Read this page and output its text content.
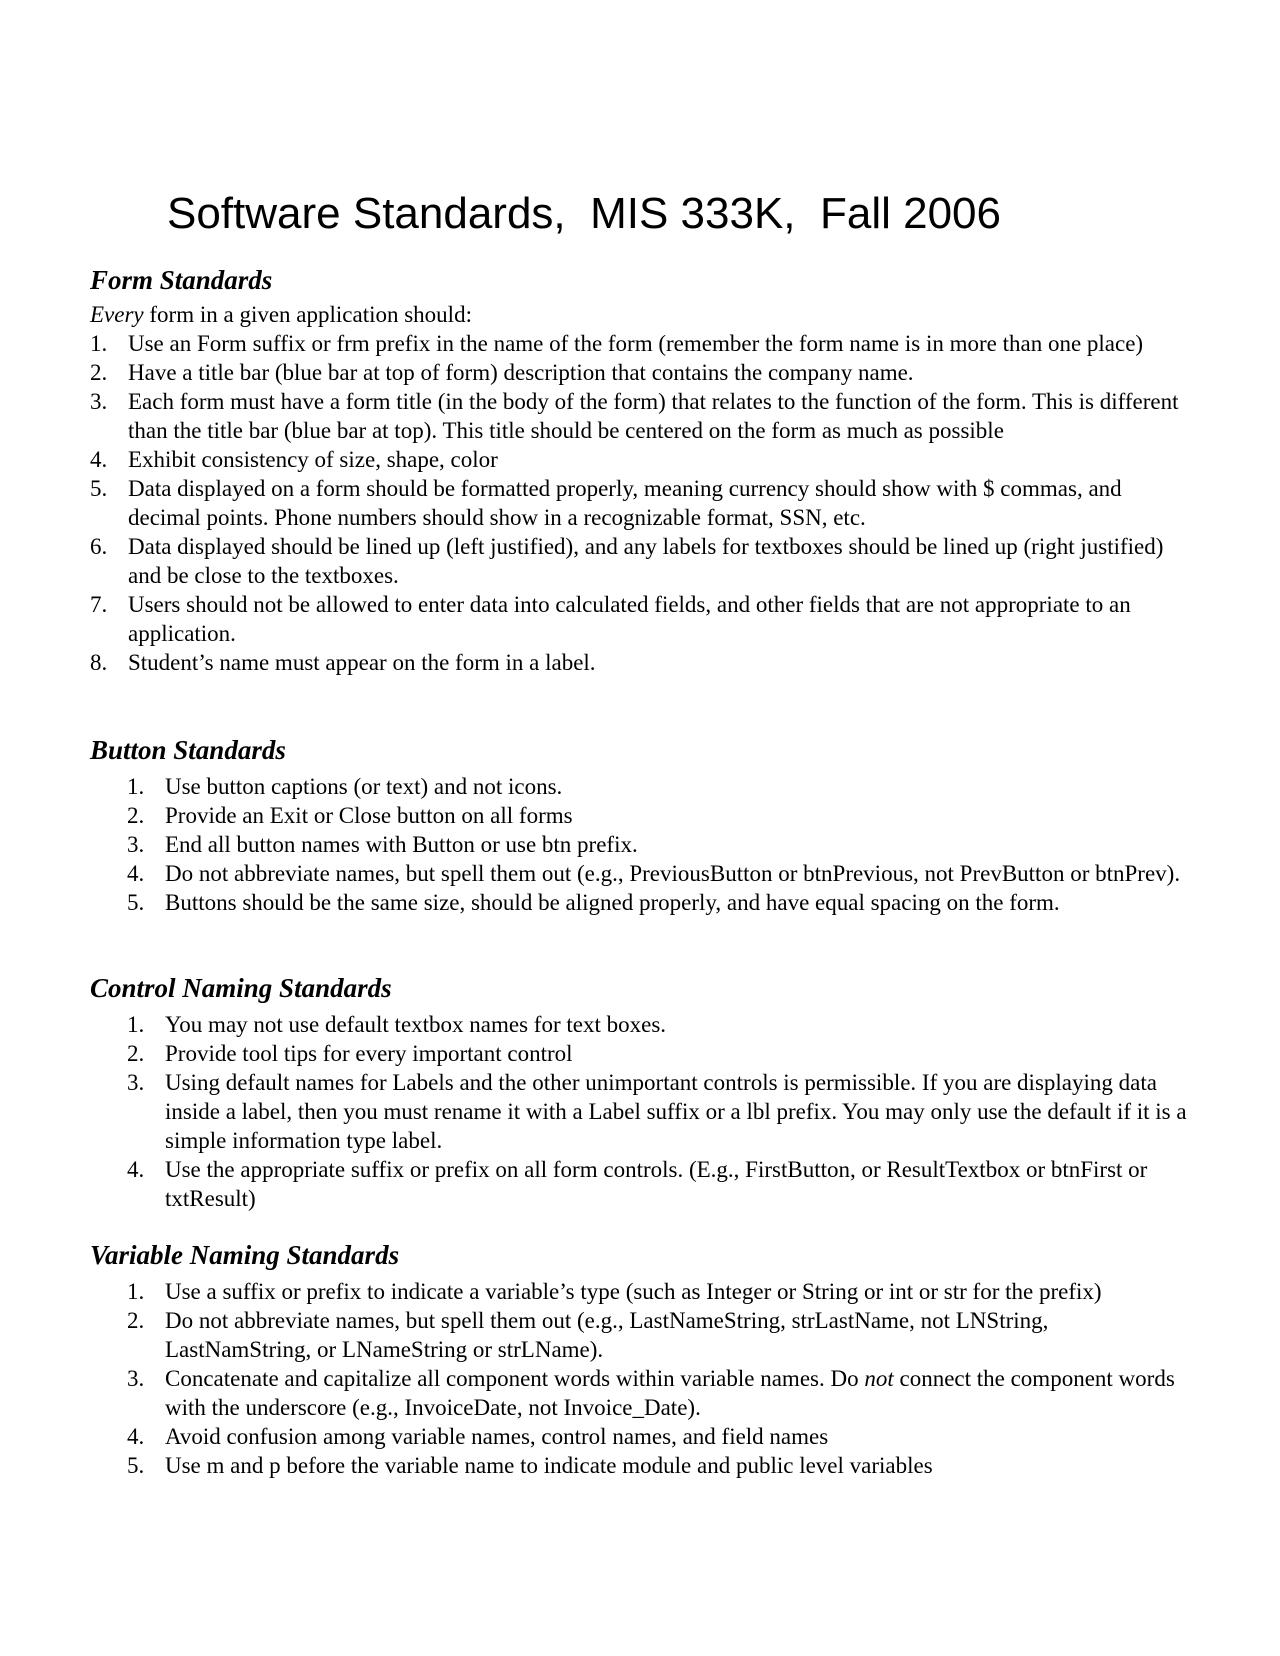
Software Standards,  MIS 333K,  Fall 2006
Form Standards
Every form in a given application should:
1. Use an Form suffix or frm prefix in the name of the form (remember the form name is in more than one place)
2. Have a title bar (blue bar at top of form) description that contains the company name.
3. Each form must have a form title (in the body of the form) that relates to the function of the form. This is different than the title bar (blue bar at top). This title should be centered on the form as much as possible
4. Exhibit consistency of size, shape, color
5. Data displayed on a form should be formatted properly, meaning currency should show with $ commas, and decimal points. Phone numbers should show in a recognizable format, SSN, etc.
6. Data displayed should be lined up (left justified), and any labels for textboxes should be lined up (right justified) and be close to the textboxes.
7. Users should not be allowed to enter data into calculated fields, and other fields that are not appropriate to an application.
8. Student’s name must appear on the form in a label.
Button Standards
1. Use button captions (or text) and not icons.
2. Provide an Exit or Close button on all forms
3. End all button names with Button or use btn prefix.
4. Do not abbreviate names, but spell them out (e.g., PreviousButton or btnPrevious, not PrevButton or btnPrev).
5. Buttons should be the same size, should be aligned properly, and have equal spacing on the form.
Control Naming Standards
1. You may not use default textbox names for text boxes.
2. Provide tool tips for every important control
3. Using default names for Labels and the other unimportant controls is permissible. If you are displaying data inside a label, then you must rename it with a Label suffix or a lbl prefix. You may only use the default if it is a simple information type label.
4. Use the appropriate suffix or prefix on all form controls. (E.g., FirstButton, or ResultTextbox or btnFirst or txtResult)
Variable Naming Standards
1. Use a suffix or prefix to indicate a variable’s type (such as Integer or String or int or str for the prefix)
2. Do not abbreviate names, but spell them out (e.g., LastNameString, strLastName, not LNString, LastNamString, or LNameString or strLName).
3. Concatenate and capitalize all component words within variable names. Do not connect the component words with the underscore (e.g., InvoiceDate, not Invoice_Date).
4. Avoid confusion among variable names, control names, and field names
5. Use m and p before the variable name to indicate module and public level variables
